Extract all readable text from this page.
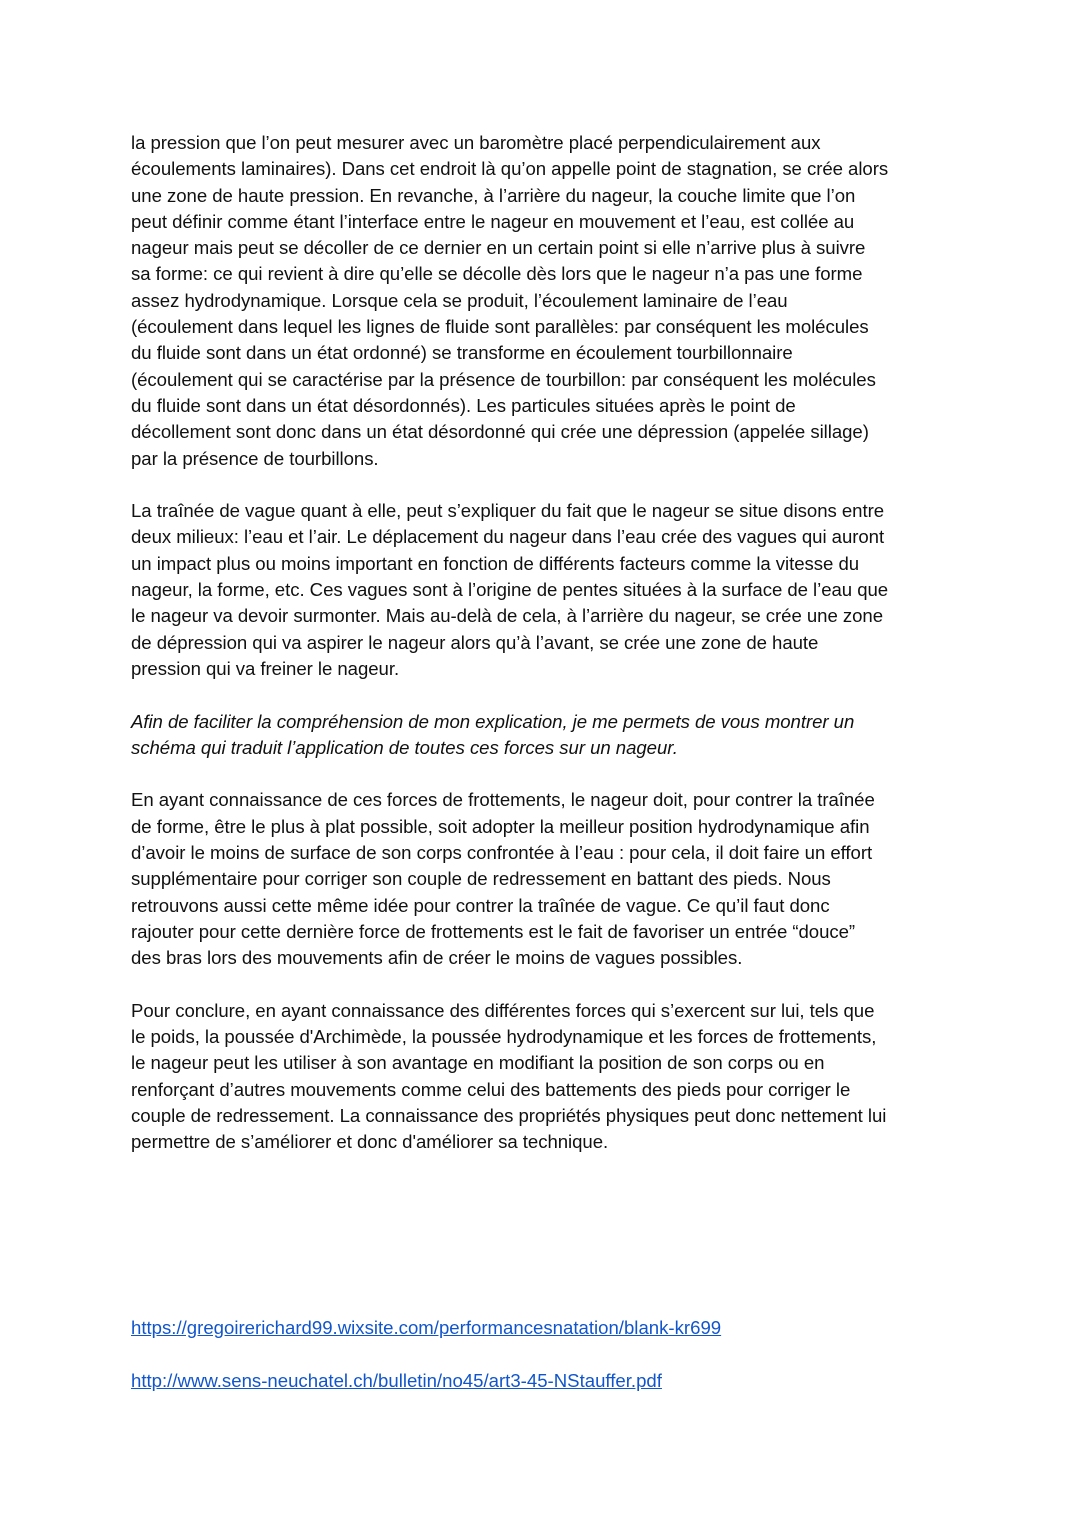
la pression que l’on peut mesurer avec un baromètre placé perpendiculairement aux
écoulements laminaires). Dans cet endroit là qu’on appelle point de stagnation, se crée alors
une zone de haute pression. En revanche, à l’arrière du nageur, la couche limite que l’on
peut définir comme étant l’interface entre le nageur en mouvement et l’eau, est collée au
nageur mais peut se décoller de ce dernier en un certain point si elle n’arrive plus à suivre
sa forme: ce qui revient à dire qu’elle se décolle dès lors que le nageur n’a pas une forme
assez hydrodynamique. Lorsque cela se produit, l’écoulement laminaire de l’eau
(écoulement dans lequel les lignes de fluide sont parallèles: par conséquent les molécules
du fluide sont dans un état ordonné) se transforme en écoulement tourbillonnaire
(écoulement qui se caractérise par la présence de tourbillon: par conséquent les molécules
du fluide sont dans un état désordonnés). Les particules situées après le point de
décollement sont donc dans un état désordonné qui crée une dépression (appelée sillage)
par la présence de tourbillons.
La traînée de vague quant à elle, peut s’expliquer du fait que le nageur se situe disons entre
deux milieux: l’eau et l’air. Le déplacement du nageur dans l’eau crée des vagues qui auront
un impact plus ou moins important en fonction de différents facteurs comme la vitesse du
nageur, la forme, etc. Ces vagues sont à l’origine de pentes situées à la surface de l’eau que
le nageur va devoir surmonter. Mais au-delà de cela, à l’arrière du nageur, se crée une zone
de dépression qui va aspirer le nageur alors qu’à l’avant, se crée une zone de haute
pression qui va freiner le nageur.
Afin de faciliter la compréhension de mon explication, je me permets de vous montrer un
schéma qui traduit l’application de toutes ces forces sur un nageur.
En ayant connaissance de ces forces de frottements, le nageur doit, pour contrer la traînée
de forme, être le plus à plat possible, soit adopter la meilleur position hydrodynamique afin
d’avoir le moins de surface de son corps confrontée à l’eau : pour cela, il doit faire un effort
supplémentaire pour corriger son couple de redressement en battant des pieds. Nous
retrouvons aussi cette même idée pour contrer la traînée de vague. Ce qu’il faut donc
rajouter pour cette dernière force de frottements est le fait de favoriser un entrée “douce”
des bras lors des mouvements afin de créer le moins de vagues possibles.
Pour conclure, en ayant connaissance des différentes forces qui s’exercent sur lui, tels que
le poids, la poussée d'Archimède, la poussée hydrodynamique et les forces de frottements,
le nageur peut les utiliser à son avantage en modifiant la position de son corps ou en
renforçant d’autres mouvements comme celui des battements des pieds pour corriger le
couple de redressement. La connaissance des propriétés physiques peut donc nettement lui
permettre de s’améliorer et donc d'améliorer sa technique.
https://gregoirerichard99.wixsite.com/performancesnatation/blank-kr699
http://www.sens-neuchatel.ch/bulletin/no45/art3-45-NStauffer.pdf
